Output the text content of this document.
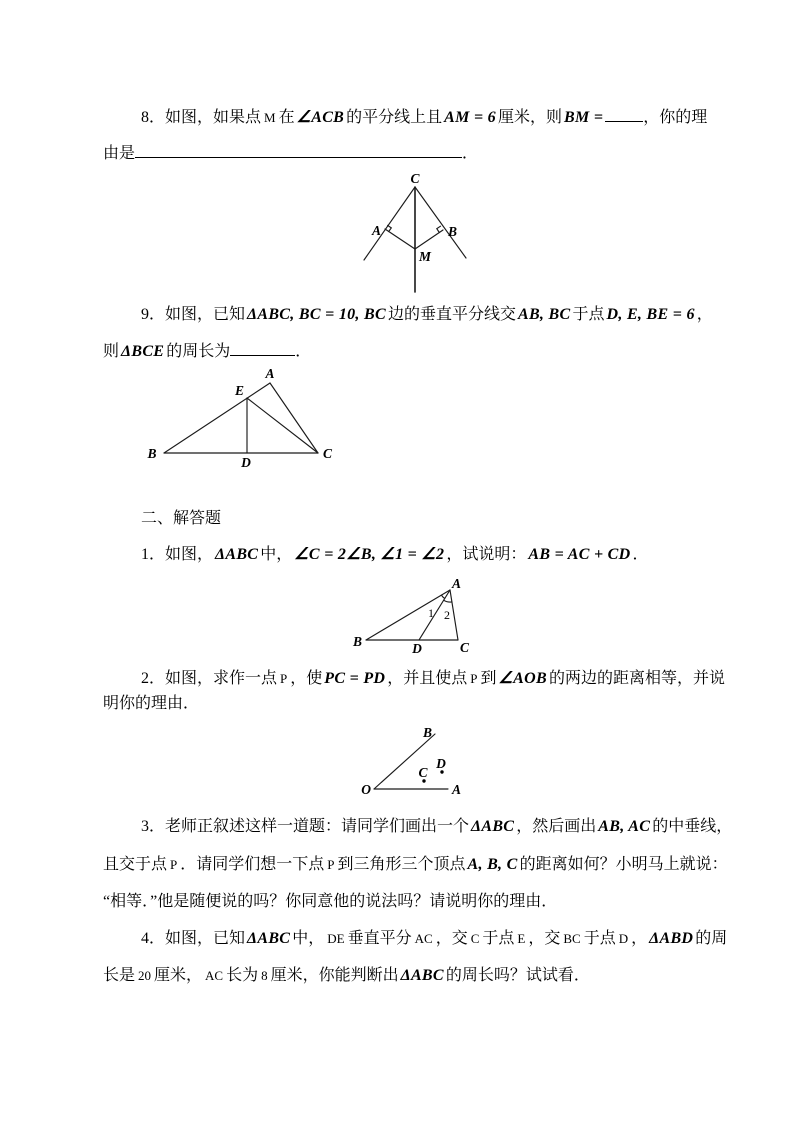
8．如图，如果点 M 在 ∠ACB 的平分线上且 AM = 6 厘米，则 BM =	，你的理
由是	．
C
A	B
M
9．如图，已知 ΔABC, BC = 10, BC 边的垂直平分线交 AB, BC 于点 D, E, BE = 6 ，
则 ΔBCE 的周长为	．
A
E
B
D
C
二、解答题
1．如图， ΔABC 中， ∠C = 2∠B, ∠1 = ∠2 ，试说明： AB = AC + CD ．
A
B	D	C
1 2
2．如图，求作一点 P ，使 PC = PD ，并且使点 P 到 ∠AOB 的两边的距离相等，并说
明你的理由．
O	A
B
C
D
3．老师正叙述这样一道题：请同学们画出一个 ΔABC ，然后画出 AB, AC 的中垂线，
且交于点 P ．请同学们想一下点 P 到三角形三个顶点 A, B, C 的距离如何？小明马上就说：
“相等．”他是随便说的吗？你同意他的说法吗？请说明你的理由．
4．如图，已知 ΔABC 中， DE 垂直平分 AC ，交 C 于点 E ，交 BC 于点 D ， ΔABD 的周
长是 20 厘米， AC 长为 8 厘米，你能判断出 ΔABC 的周长吗？试试看．
